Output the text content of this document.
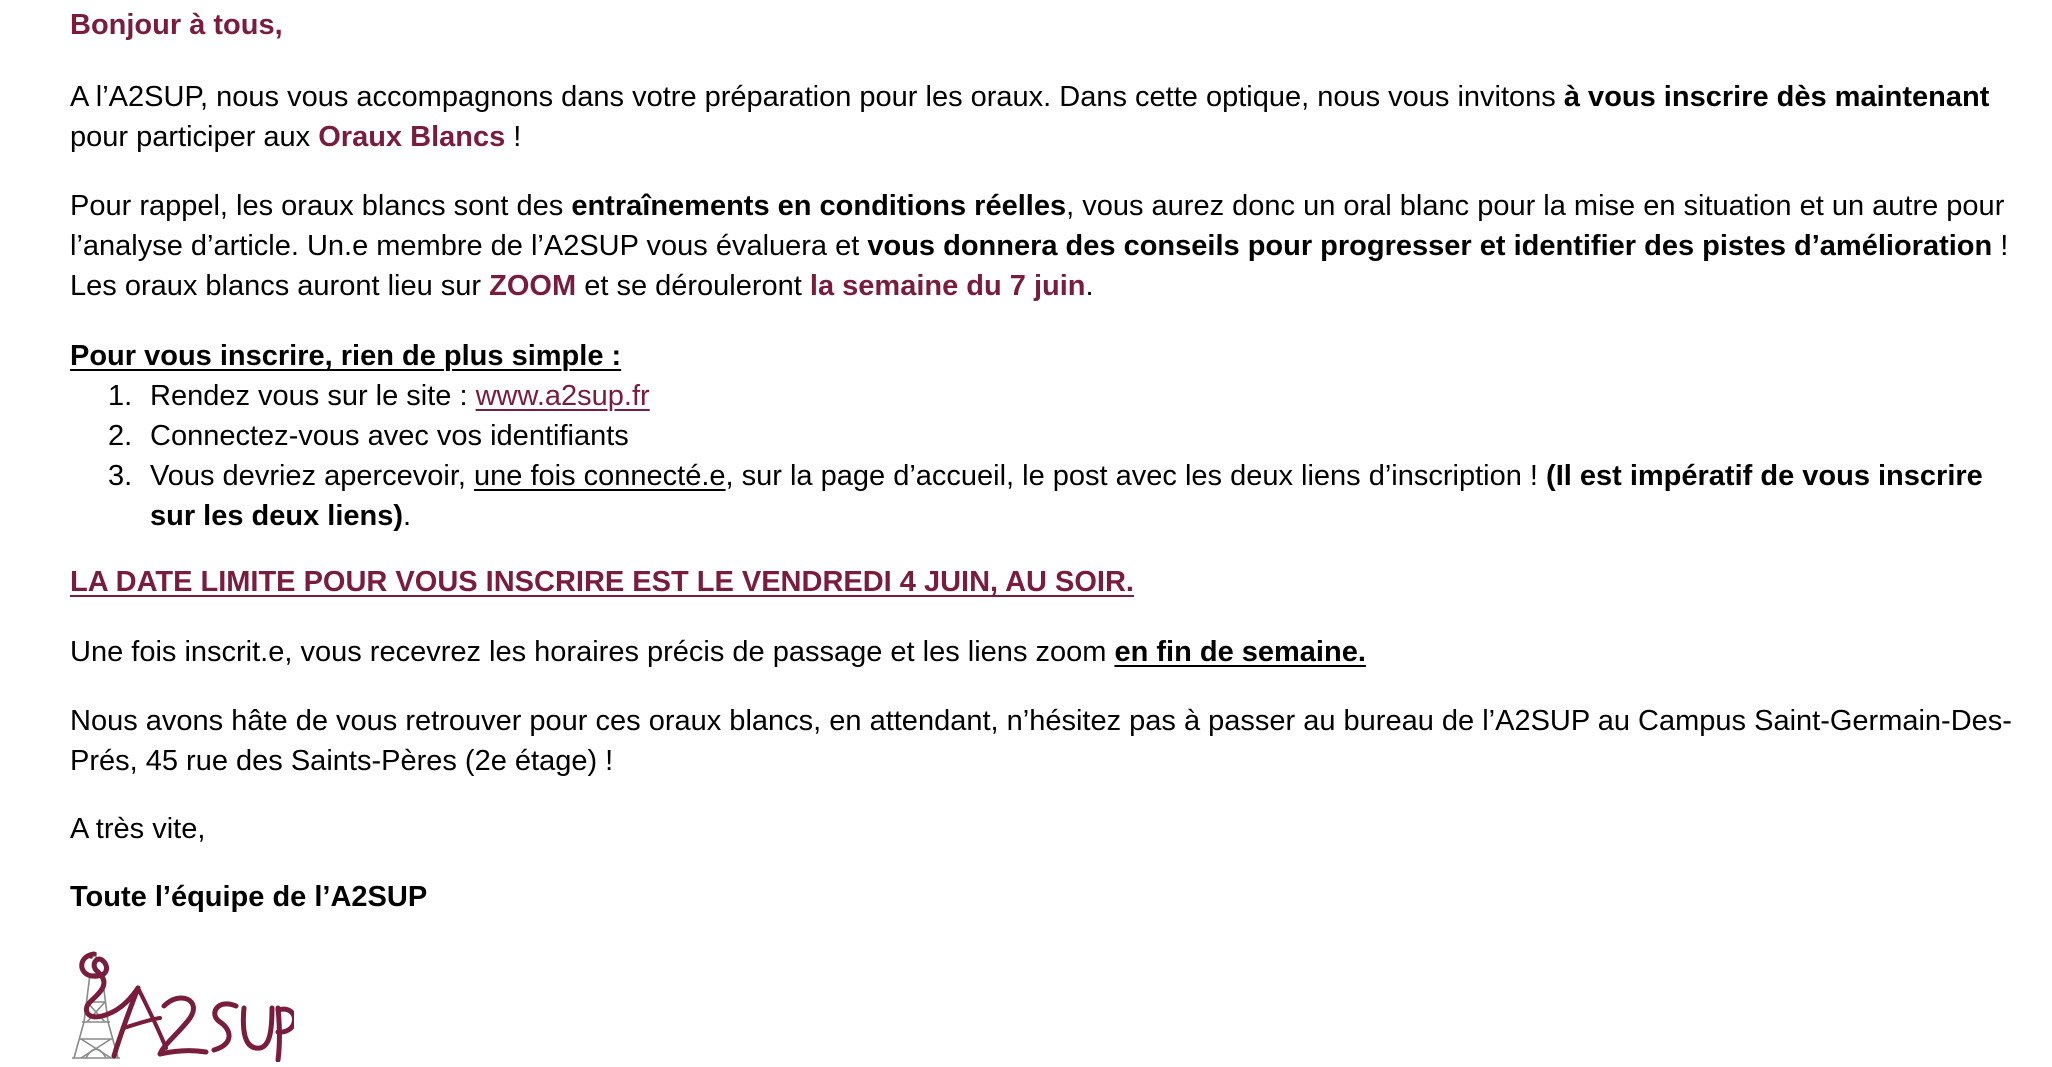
Bonjour à tous,

A l’A2SUP, nous vous accompagnons dans votre préparation pour les oraux. Dans cette optique, nous vous invitons à vous inscrire dès maintenant pour participer aux Oraux Blancs !

Pour rappel, les oraux blancs sont des entraînements en conditions réelles, vous aurez donc un oral blanc pour la mise en situation et un autre pour l’analyse d’article. Un.e membre de l’A2SUP vous évaluera et vous donnera des conseils pour progresser et identifier des pistes d’amélioration ! Les oraux blancs auront lieu sur ZOOM et se dérouleront la semaine du 7 juin.

Pour vous inscrire, rien de plus simple :

1. Rendez vous sur le site : www.a2sup.fr
2. Connectez-vous avec vos identifiants
3. Vous devriez apercevoir, une fois connecté.e, sur la page d’accueil, le post avec les deux liens d’inscription ! (Il est impératif de vous inscrire sur les deux liens).

LA DATE LIMITE POUR VOUS INSCRIRE EST LE VENDREDI 4 JUIN, AU SOIR.

Une fois inscrit.e, vous recevrez les horaires précis de passage et les liens zoom en fin de semaine.

Nous avons hâte de vous retrouver pour ces oraux blancs, en attendant, n’hésitez pas à passer au bureau de l’A2SUP au Campus Saint-Germain-Des-Prés, 45 rue des Saints-Pères (2e étage) !

A très vite,

Toute l’équipe de l’A2SUP
